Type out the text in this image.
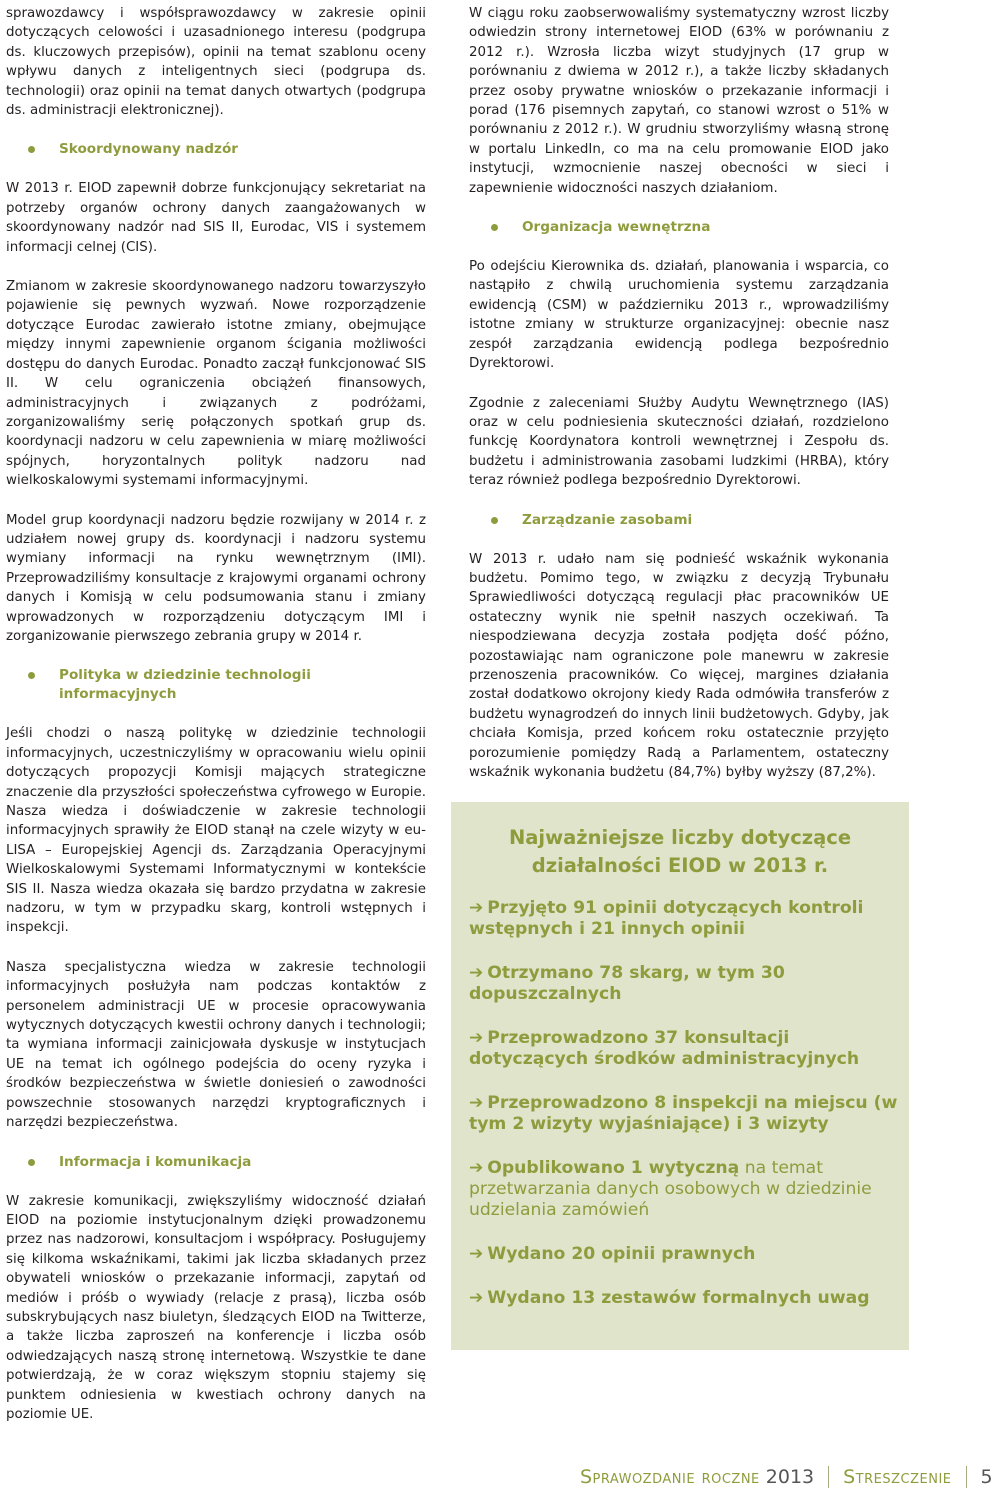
sprawozdawcy i współsprawozdawcy w zakresie opinii dotyczących celowości i uzasadnionego interesu (podgrupa ds. kluczowych przepisów), opinii na temat szablonu oceny wpływu danych z inteligentnych sieci (podgrupa ds. technologii) oraz opinii na temat danych otwartych (podgrupa ds. administracji elektronicznej).

Skoordynowany nadzór

W 2013 r. EIOD zapewnił dobrze funkcjonujący sekretariat na potrzeby organów ochrony danych zaangażowanych w skoordynowany nadzór nad SIS II, Eurodac, VIS i systemem informacji celnej (CIS).

Zmianom w zakresie skoordynowanego nadzoru towarzyszyło pojawienie się pewnych wyzwań. Nowe rozporządzenie dotyczące Eurodac zawierało istotne zmiany, obejmujące między innymi zapewnienie organom ścigania możliwości dostępu do danych Eurodac. Ponadto zaczął funkcjonować SIS II. W celu ograniczenia obciążeń finansowych, administracyjnych i związanych z podróżami, zorganizowaliśmy serię połączonych spotkań grup ds. koordynacji nadzoru w celu zapewnienia w miarę możliwości spójnych, horyzontalnych polityk nadzoru nad wielkoskalowymi systemami informacyjnymi.

Model grup koordynacji nadzoru będzie rozwijany w 2014 r. z udziałem nowej grupy ds. koordynacji i nadzoru systemu wymiany informacji na rynku wewnętrznym (IMI). Przeprowadziliśmy konsultacje z krajowymi organami ochrony danych i Komisją w celu podsumowania stanu i zmiany wprowadzonych w rozporządzeniu dotyczącym IMI i zorganizowanie pierwszego zebrania grupy w 2014 r.

Polityka w dziedzinie technologii
informacyjnych

Jeśli chodzi o naszą politykę w dziedzinie technologii informacyjnych, uczestniczyliśmy w opracowaniu wielu opinii dotyczących propozycji Komisji mających strategiczne znaczenie dla przyszłości społeczeństwa cyfrowego w Europie. Nasza wiedza i doświadczenie w zakresie technologii informacyjnych sprawiły że EIOD stanął na czele wizyty w eu-LISA – Europejskiej Agencji ds. Zarządzania Operacyjnymi Wielkoskalowymi Systemami Informatycznymi w kontekście SIS II. Nasza wiedza okazała się bardzo przydatna w zakresie nadzoru, w tym w przypadku skarg, kontroli wstępnych i inspekcji.

Nasza specjalistyczna wiedza w zakresie technologii informacyjnych posłużyła nam podczas kontaktów z personelem administracji UE w procesie opracowywania wytycznych dotyczących kwestii ochrony danych i technologii; ta wymiana informacji zainicjowała dyskusje w instytucjach UE na temat ich ogólnego podejścia do oceny ryzyka i środków bezpieczeństwa w świetle doniesień o zawodności powszechnie stosowanych narzędzi kryptograficznych i narzędzi bezpieczeństwa.

Informacja i komunikacja

W zakresie komunikacji, zwiększyliśmy widoczność działań EIOD na poziomie instytucjonalnym dzięki prowadzonemu przez nas nadzorowi, konsultacjom i współpracy. Posługujemy się kilkoma wskaźnikami, takimi jak liczba składanych przez obywateli wniosków o przekazanie informacji, zapytań od mediów i próśb o wywiady (relacje z prasą), liczba osób subskrybujących nasz biuletyn, śledzących EIOD na Twitterze, a także liczba zaproszeń na konferencje i liczba osób odwiedzających naszą stronę internetową. Wszystkie te dane potwierdzają, że w coraz większym stopniu stajemy się punktem odniesienia w kwestiach ochrony danych na poziomie UE.

W ciągu roku zaobserwowaliśmy systematyczny wzrost liczby odwiedzin strony internetowej EIOD (63% w porównaniu z 2012 r.). Wzrosła liczba wizyt studyjnych (17 grup w porównaniu z dwiema w 2012 r.), a także liczby składanych przez osoby prywatne wniosków o przekazanie informacji i porad (176 pisemnych zapytań, co stanowi wzrost o 51% w porównaniu z 2012 r.). W grudniu stworzyliśmy własną stronę w portalu LinkedIn, co ma na celu promowanie EIOD jako instytucji, wzmocnienie naszej obecności w sieci i zapewnienie widoczności naszych działaniom.

Organizacja wewnętrzna

Po odejściu Kierownika ds. działań, planowania i wsparcia, co nastąpiło z chwilą uruchomienia systemu zarządzania ewidencją (CSM) w październiku 2013 r., wprowadziliśmy istotne zmiany w strukturze organizacyjnej: obecnie nasz zespół zarządzania ewidencją podlega bezpośrednio Dyrektorowi.

Zgodnie z zaleceniami Służby Audytu Wewnętrznego (IAS) oraz w celu podniesienia skuteczności działań, rozdzielono funkcję Koordynatora kontroli wewnętrznej i Zespołu ds. budżetu i administrowania zasobami ludzkimi (HRBA), który teraz również podlega bezpośrednio Dyrektorowi.

Zarządzanie zasobami

W 2013 r. udało nam się podnieść wskaźnik wykonania budżetu. Pomimo tego, w związku z decyzją Trybunału Sprawiedliwości dotyczącą regulacji płac pracowników UE ostateczny wynik nie spełnił naszych oczekiwań. Ta niespodziewana decyzja została podjęta dość późno, pozostawiając nam ograniczone pole manewru w zakresie przenoszenia pracowników. Co więcej, margines działania został dodatkowo okrojony kiedy Rada odmówiła transferów z budżetu wynagrodzeń do innych linii budżetowych. Gdyby, jak chciała Komisja, przed końcem roku ostatecznie przyjęto porozumienie pomiędzy Radą a Parlamentem, ostateczny wskaźnik wykonania budżetu (84,7%) byłby wyższy (87,2%).

Najważniejsze liczby dotyczące
działalności EIOD w 2013 r.
➔ Przyjęto 91 opinii dotyczących kontroli wstępnych i 21 innych opinii
➔ Otrzymano 78 skarg, w tym 30 dopuszczalnych
➔ Przeprowadzono 37 konsultacji dotyczących środków administracyjnych
➔ Przeprowadzono 8 inspekcji na miejscu (w tym 2 wizyty wyjaśniające) i 3 wizyty
➔ Opublikowano 1 wytyczną na temat przetwarzania danych osobowych w dziedzinie udzielania zamówień
➔ Wydano 20 opinii prawnych
➔ Wydano 13 zestawów formalnych uwag
Sprawozdanie roczne 2013 Streszczenie 5
